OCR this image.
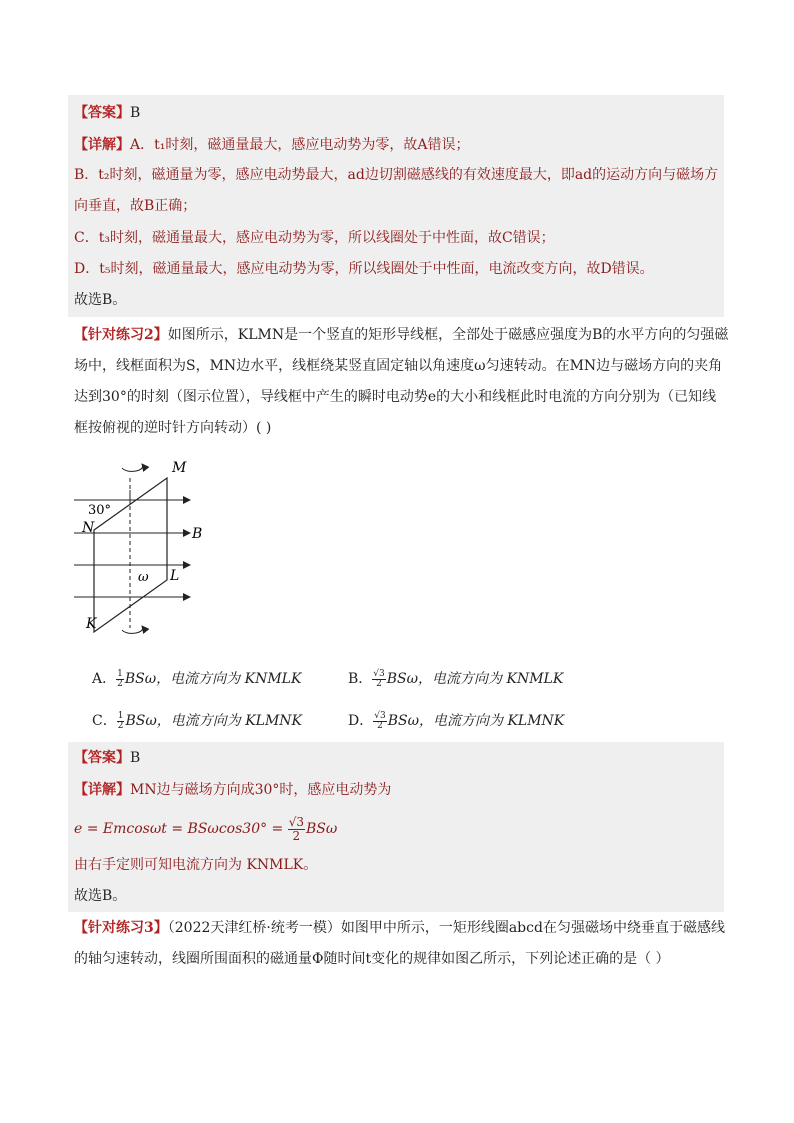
【答案】B
【详解】A．t₁时刻，磁通量最大，感应电动势为零，故A错误；
B．t₂时刻，磁通量为零，感应电动势最大，ad边切割磁感线的有效速度最大，即ad的运动方向与磁场方
向垂直，故B正确；
C．t₃时刻，磁通量最大，感应电动势为零，所以线圈处于中性面，故C错误；
D．t₅时刻，磁通量最大，感应电动势为零，所以线圈处于中性面，电流改变方向，故D错误。
故选B。
【针对练习2】如图所示，KLMN是一个竖直的矩形导线框，全部处于磁感应强度为B的水平方向的匀强磁
场中，线框面积为S，MN边水平，线框绕某竖直固定轴以角速度ω匀速转动。在MN边与磁场方向的夹角
达到30°的时刻（图示位置），导线框中产生的瞬时电动势e的大小和线框此时电流的方向分别为（已知线
框按俯视的逆时针方向转动）( )
M
N
L
K
B
30°
ω
A． $\frac{1}{2}$ BSω，电流方向为 KNMLK	B． $\frac{√3}{2}$ BSω，电流方向为 KNMLK
C． $\frac{1}{2}$ BSω，电流方向为 KLMNK	D． $\frac{√3}{2}$ BSω，电流方向为 KLMNK
【答案】B
【详解】MN边与磁场方向成30°时，感应电动势为
$e = Emcos\omega t = BS\omega\cos 30^\circ = \frac{√3}{2}$ BSω
由右手定则可知电流方向为 KNMLK。
故选B。
【针对练习3】（2022天津红桥·统考一模）如图甲中所示，一矩形线圈abcd在匀强磁场中绕垂直于磁感线
的轴匀速转动，线圈所围面积的磁通量Φ随时间t变化的规律如图乙所示，下列论述正确的是（ ）
